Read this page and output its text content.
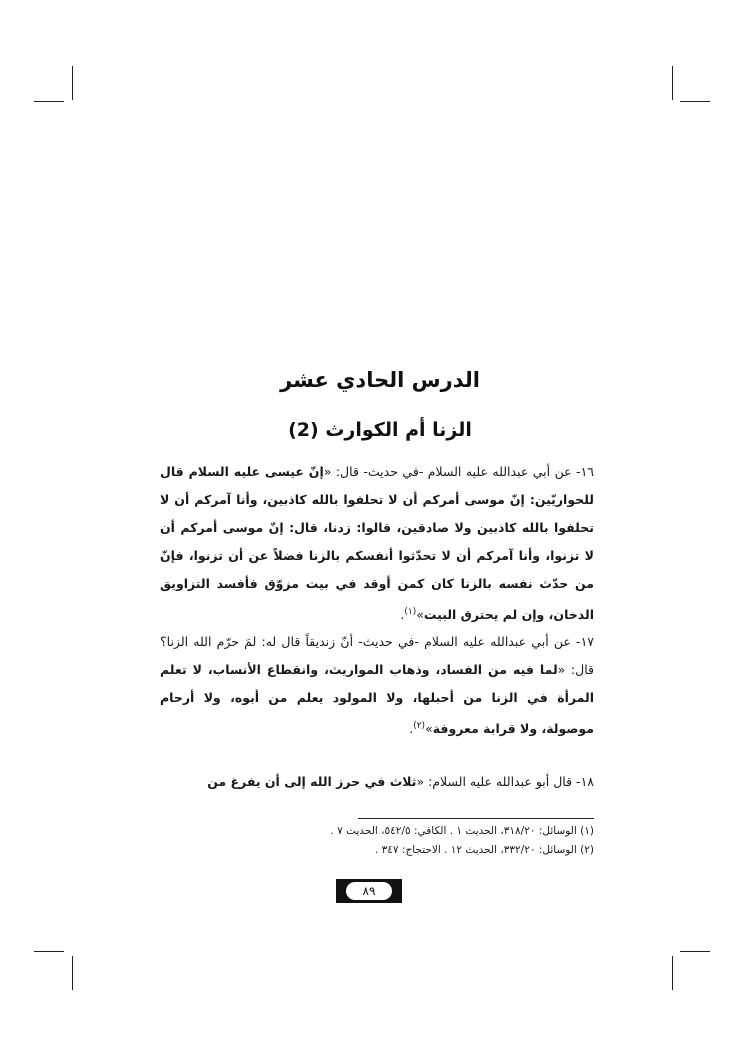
الدرس الحادي عشر
الزنا أم الكوارث (2)
١٦- عن أبي عبدالله عليه السلام -في حديث- قال: «إنّ عيسى عليه السلام قال للحواريّين: إنّ موسى أمركم أن لا تحلفوا بالله كاذبين، وأنا آمركم أن لا تحلفوا بالله كاذبين ولا صادقين، قالوا: زدنا، قال: إنّ موسى أمركم أن لا تزنوا، وأنا آمركم أن لا تحدّثوا أنفسكم بالزنا فضلاً عن أن تزنوا، فإنّ من حدّث نفسه بالزنا كان كمن أوقد في بيت مزوّق فأفسد التزاويق الدخان، وإن لم يحترق البيت»$^{(١)}$.
١٧- عن أبي عبدالله عليه السلام -في حديث- أنّ زنديقاً قال له: لمَ حرّم الله الزنا؟ قال: «لما فيه من الفساد، وذهاب المواريث، وانقطاع الأنساب، لا تعلم المرأة في الزنا من أحبلها، ولا المولود يعلم من أبوه، ولا أرحام موصولة، ولا قرابة معروفة»$^{(٢)}$.
١٨- قال أبو عبدالله عليه السلام: «ثلاث في حرز الله إلى أن يفرغ من
(١) الوسائل: ٣١٨/٢٠، الحديث ١ . الكافي: ٥٤٢/٥، الحديث ٧ .
(٢) الوسائل: ٣٣٢/٢٠، الحديث ١٢ . الاحتجاج: ٣٤٧ .
٨٩
